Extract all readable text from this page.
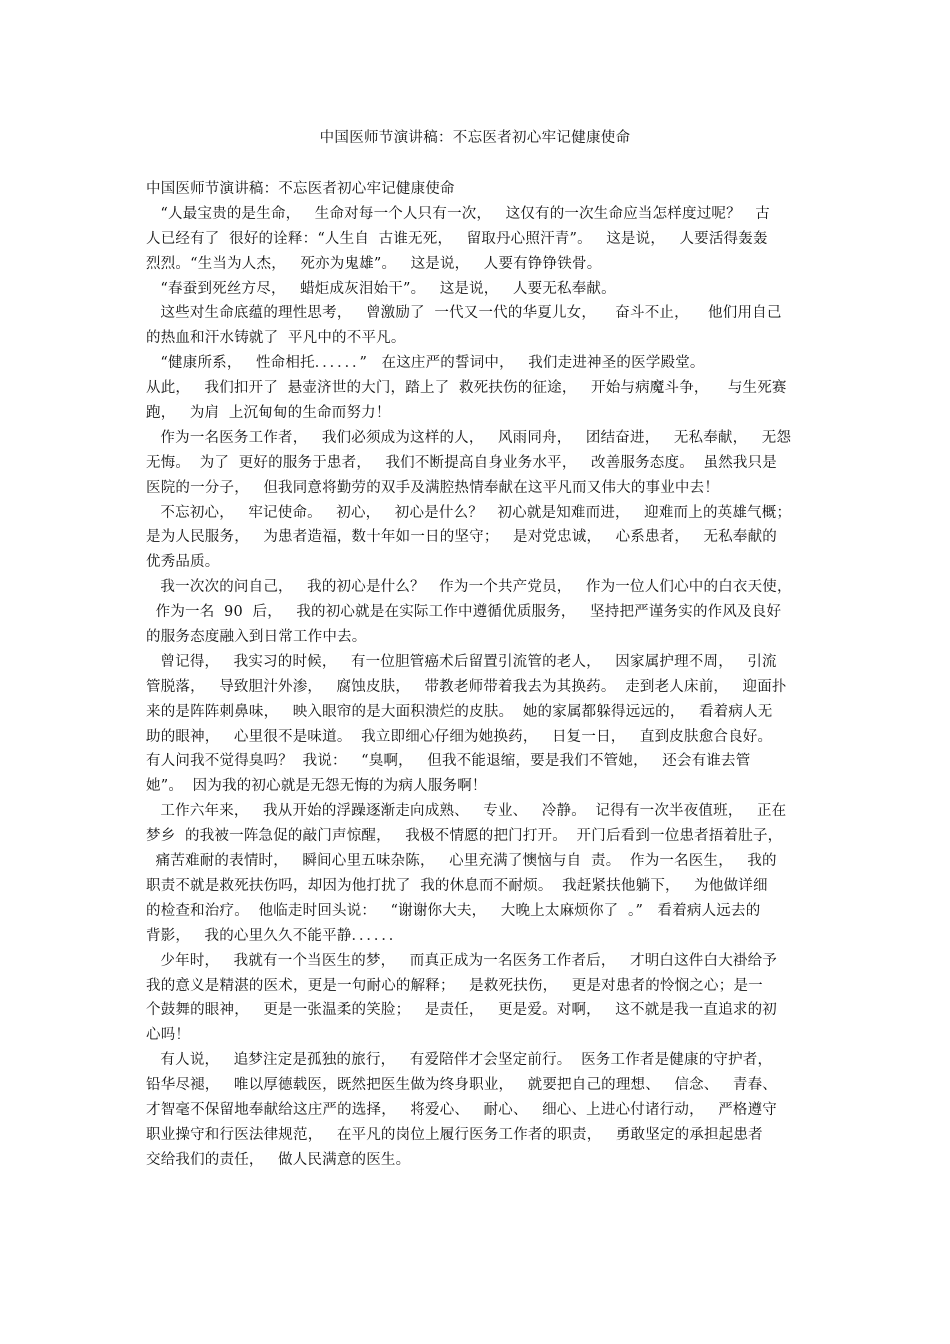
中国医师节演讲稿：不忘医者初心牢记健康使命
中国医师节演讲稿：不忘医者初心牢记健康使命
“人最宝贵的是生命，   生命对每一个人只有一次，   这仅有的一次生命应当怎样度过呢？   古
人已经有了  很好的诠释：“人生自  古谁无死，   留取丹心照汗青”。   这是说，   人要活得轰轰
烈烈。“生当为人杰，   死亦为鬼雄”。   这是说，   人要有铮铮铁骨。
“春蚕到死丝方尽，   蜡炬成灰泪始干”。   这是说，   人要无私奉献。
这些对生命底蕴的理性思考，   曾激励了  一代又一代的华夏儿女，    奋斗不止，    他们用自己
的热血和汗水铸就了  平凡中的不平凡。
“健康所系，   性命相托．．．．．．”   在这庄严的誓词中，   我们走进神圣的医学殿堂。
从此，   我们扣开了  悬壶济世的大门，踏上了  救死扶伤的征途，   开始与病魔斗争，    与生死赛
跑，   为肩  上沉甸甸的生命而努力！
作为一名医务工作者，   我们必须成为这样的人，   风雨同舟，   团结奋进，   无私奉献，   无怨
无悔。  为了  更好的服务于患者，   我们不断提高自身业务水平，   改善服务态度。  虽然我只是
医院的一分子，   但我同意将勤劳的双手及满腔热情奉献在这平凡而又伟大的事业中去！
不忘初心，   牢记使命。   初心，   初心是什么？   初心就是知难而进，   迎难而上的英雄气概；
是为人民服务，   为患者造福，数十年如一日的坚守；   是对党忠诚，   心系患者，   无私奉献的
优秀品质。
我一次次的问自己，   我的初心是什么？   作为一个共产党员，   作为一位人们心中的白衣天使，
作为一名  90  后，   我的初心就是在实际工作中遵循优质服务，   坚持把严谨务实的作风及良好
的服务态度融入到日常工作中去。
曾记得，   我实习的时候，   有一位胆管癌术后留置引流管的老人，   因家属护理不周，   引流
管脱落，   导致胆汁外渗，   腐蚀皮肤，   带教老师带着我去为其换药。  走到老人床前，   迎面扑
来的是阵阵刺鼻味，   映入眼帘的是大面积溃烂的皮肤。  她的家属都躲得远远的，   看着病人无
助的眼神，   心里很不是味道。  我立即细心仔细为她换药，   日复一日，   直到皮肤愈合良好。
有人问我不觉得臭吗？  我说：   “臭啊，   但我不能退缩，要是我们不管她，   还会有谁去管
她”。  因为我的初心就是无怨无悔的为病人服务啊！
工作六年来，   我从开始的浮躁逐渐走向成熟、   专业、   冷静。  记得有一次半夜值班，   正在
梦乡  的我被一阵急促的敲门声惊醒，   我极不情愿的把门打开。  开门后看到一位患者捂着肚子，
痛苦难耐的表情时，   瞬间心里五味杂陈，   心里充满了懊恼与自  责。  作为一名医生，   我的
职责不就是救死扶伤吗，却因为他打扰了  我的休息而不耐烦。  我赶紧扶他躺下，   为他做详细
的检查和治疗。  他临走时回头说：   “谢谢你大夫，   大晚上太麻烦你了  。”   看着病人远去的
背影，   我的心里久久不能平静．．．．．．
少年时，   我就有一个当医生的梦，   而真正成为一名医务工作者后，   才明白这件白大褂给予
我的意义是精湛的医术，更是一句耐心的解释；   是救死扶伤，   更是对患者的怜悯之心；是一
个鼓舞的眼神，   更是一张温柔的笑脸；   是责任，   更是爱。对啊，   这不就是我一直追求的初
心吗！
有人说，   追梦注定是孤独的旅行，   有爱陪伴才会坚定前行。  医务工作者是健康的守护者，
铅华尽褪，   唯以厚德载医，既然把医生做为终身职业，   就要把自己的理想、   信念、   青春、
才智毫不保留地奉献给这庄严的选择，   将爱心、   耐心、   细心、上进心付诸行动，   严格遵守
职业操守和行医法律规范，   在平凡的岗位上履行医务工作者的职责，   勇敢坚定的承担起患者
交给我们的责任，   做人民满意的医生。
